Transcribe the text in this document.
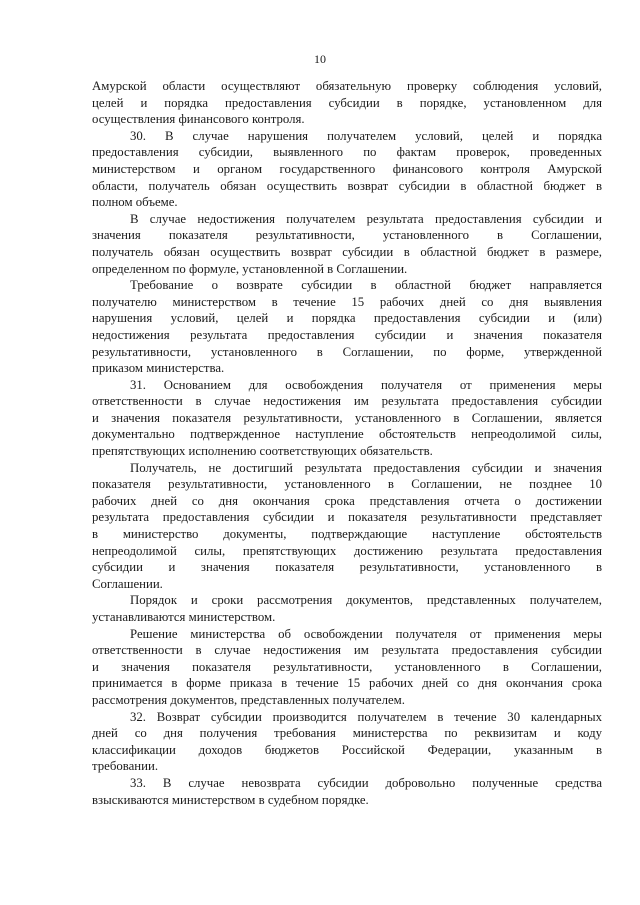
10
Амурской области осуществляют обязательную проверку соблюдения условий,
целей и порядка предоставления субсидии в порядке, установленном для
осуществления финансового контроля.
30. В случае нарушения получателем условий, целей и порядка
предоставления субсидии, выявленного по фактам проверок, проведенных
министерством и органом государственного финансового контроля Амурской
области, получатель обязан осуществить возврат субсидии в областной бюджет в
полном объеме.
В случае недостижения получателем результата предоставления субсидии и
значения показателя результативности, установленного в Соглашении,
получатель обязан осуществить возврат субсидии в областной бюджет в размере,
определенном по формуле, установленной в Соглашении.
Требование о возврате субсидии в областной бюджет направляется
получателю министерством в течение 15 рабочих дней со дня выявления
нарушения условий, целей и порядка предоставления субсидии и (или)
недостижения результата предоставления субсидии и значения показателя
результативности, установленного в Соглашении, по форме, утвержденной
приказом министерства.
31. Основанием для освобождения получателя от применения меры
ответственности в случае недостижения им результата предоставления субсидии
и значения показателя результативности, установленного в Соглашении, является
документально подтвержденное наступление обстоятельств непреодолимой силы,
препятствующих исполнению соответствующих обязательств.
Получатель, не достигший результата предоставления субсидии и значения
показателя результативности, установленного в Соглашении, не позднее 10
рабочих дней со дня окончания срока представления отчета о достижении
результата предоставления субсидии и показателя результативности представляет
в министерство документы, подтверждающие наступление обстоятельств
непреодолимой силы, препятствующих достижению результата предоставления
субсидии и значения показателя результативности, установленного в
Соглашении.
Порядок и сроки рассмотрения документов, представленных получателем,
устанавливаются министерством.
Решение министерства об освобождении получателя от применения меры
ответственности в случае недостижения им результата предоставления субсидии
и значения показателя результативности, установленного в Соглашении,
принимается в форме приказа в течение 15 рабочих дней со дня окончания срока
рассмотрения документов, представленных получателем.
32. Возврат субсидии производится получателем в течение 30 календарных
дней со дня получения требования министерства по реквизитам и коду
классификации доходов бюджетов Российской Федерации, указанным в
требовании.
33. В случае невозврата субсидии добровольно полученные средства
взыскиваются министерством в судебном порядке.
